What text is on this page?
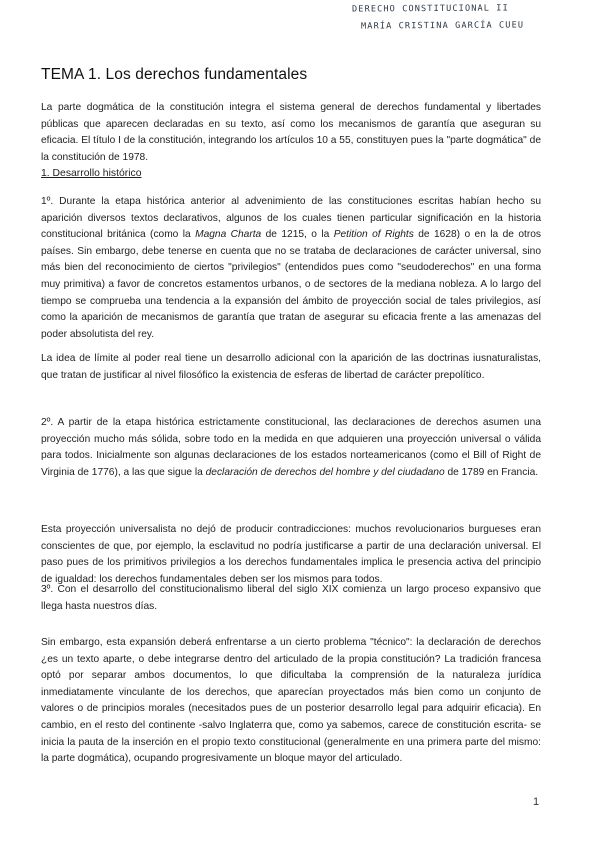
DERECHO CONSTITUCIONAL II
MARÍA CRISTINA GARCÍA CUEU
TEMA 1. Los derechos fundamentales

La parte dogmática de la constitución integra el sistema general de derechos fundamental y libertades públicas que aparecen declaradas en su texto, así como los mecanismos de garantía que aseguran su eficacia. El título I de la constitución, integrando los artículos 10 a 55, constituyen pues la "parte dogmática" de la constitución de 1978.

1. Desarrollo histórico

1º. Durante la etapa histórica anterior al advenimiento de las constituciones escritas habían hecho su aparición diversos textos declarativos, algunos de los cuales tienen particular significación en la historia constitucional británica (como la Magna Charta de 1215, o la Petition of Rights de 1628) o en la de otros países. Sin embargo, debe tenerse en cuenta que no se trataba de declaraciones de carácter universal, sino más bien del reconocimiento de ciertos "privilegios" (entendidos pues como "seudoderechos" en una forma muy primitiva) a favor de concretos estamentos urbanos, o de sectores de la mediana nobleza. A lo largo del tiempo se comprueba una tendencia a la expansión del ámbito de proyección social de tales privilegios, así como la aparición de mecanismos de garantía que tratan de asegurar su eficacia frente a las amenazas del poder absolutista del rey.

La idea de límite al poder real tiene un desarrollo adicional con la aparición de las doctrinas iusnaturalistas, que tratan de justificar al nivel filosófico la existencia de esferas de libertad de carácter prepolítico.

2º. A partir de la etapa histórica estrictamente constitucional, las declaraciones de derechos asumen una proyección mucho más sólida, sobre todo en la medida en que adquieren una proyección universal o válida para todos. Inicialmente son algunas declaraciones de los estados norteamericanos (como el Bill of Right de Virginia de 1776), a las que sigue la declaración de derechos del hombre y del ciudadano de 1789 en Francia.

Esta proyección universalista no dejó de producir contradicciones: muchos revolucionarios burgueses eran conscientes de que, por ejemplo, la esclavitud no podría justificarse a partir de una declaración universal. El paso pues de los primitivos privilegios a los derechos fundamentales implica le presencia activa del principio de igualdad: los derechos fundamentales deben ser los mismos para todos.

3º. Con el desarrollo del constitucionalismo liberal del siglo XIX comienza un largo proceso expansivo que llega hasta nuestros días.

Sin embargo, esta expansión deberá enfrentarse a un cierto problema "técnico": la declaración de derechos ¿es un texto aparte, o debe integrarse dentro del articulado de la propia constitución? La tradición francesa optó por separar ambos documentos, lo que dificultaba la comprensión de la naturaleza jurídica inmediatamente vinculante de los derechos, que aparecían proyectados más bien como un conjunto de valores o de principios morales (necesitados pues de un posterior desarrollo legal para adquirir eficacia). En cambio, en el resto del continente -salvo Inglaterra que, como ya sabemos, carece de constitución escrita- se inicia la pauta de la inserción en el propio texto constitucional (generalmente en una primera parte del mismo: la parte dogmática), ocupando progresivamente un bloque mayor del articulado.

1
